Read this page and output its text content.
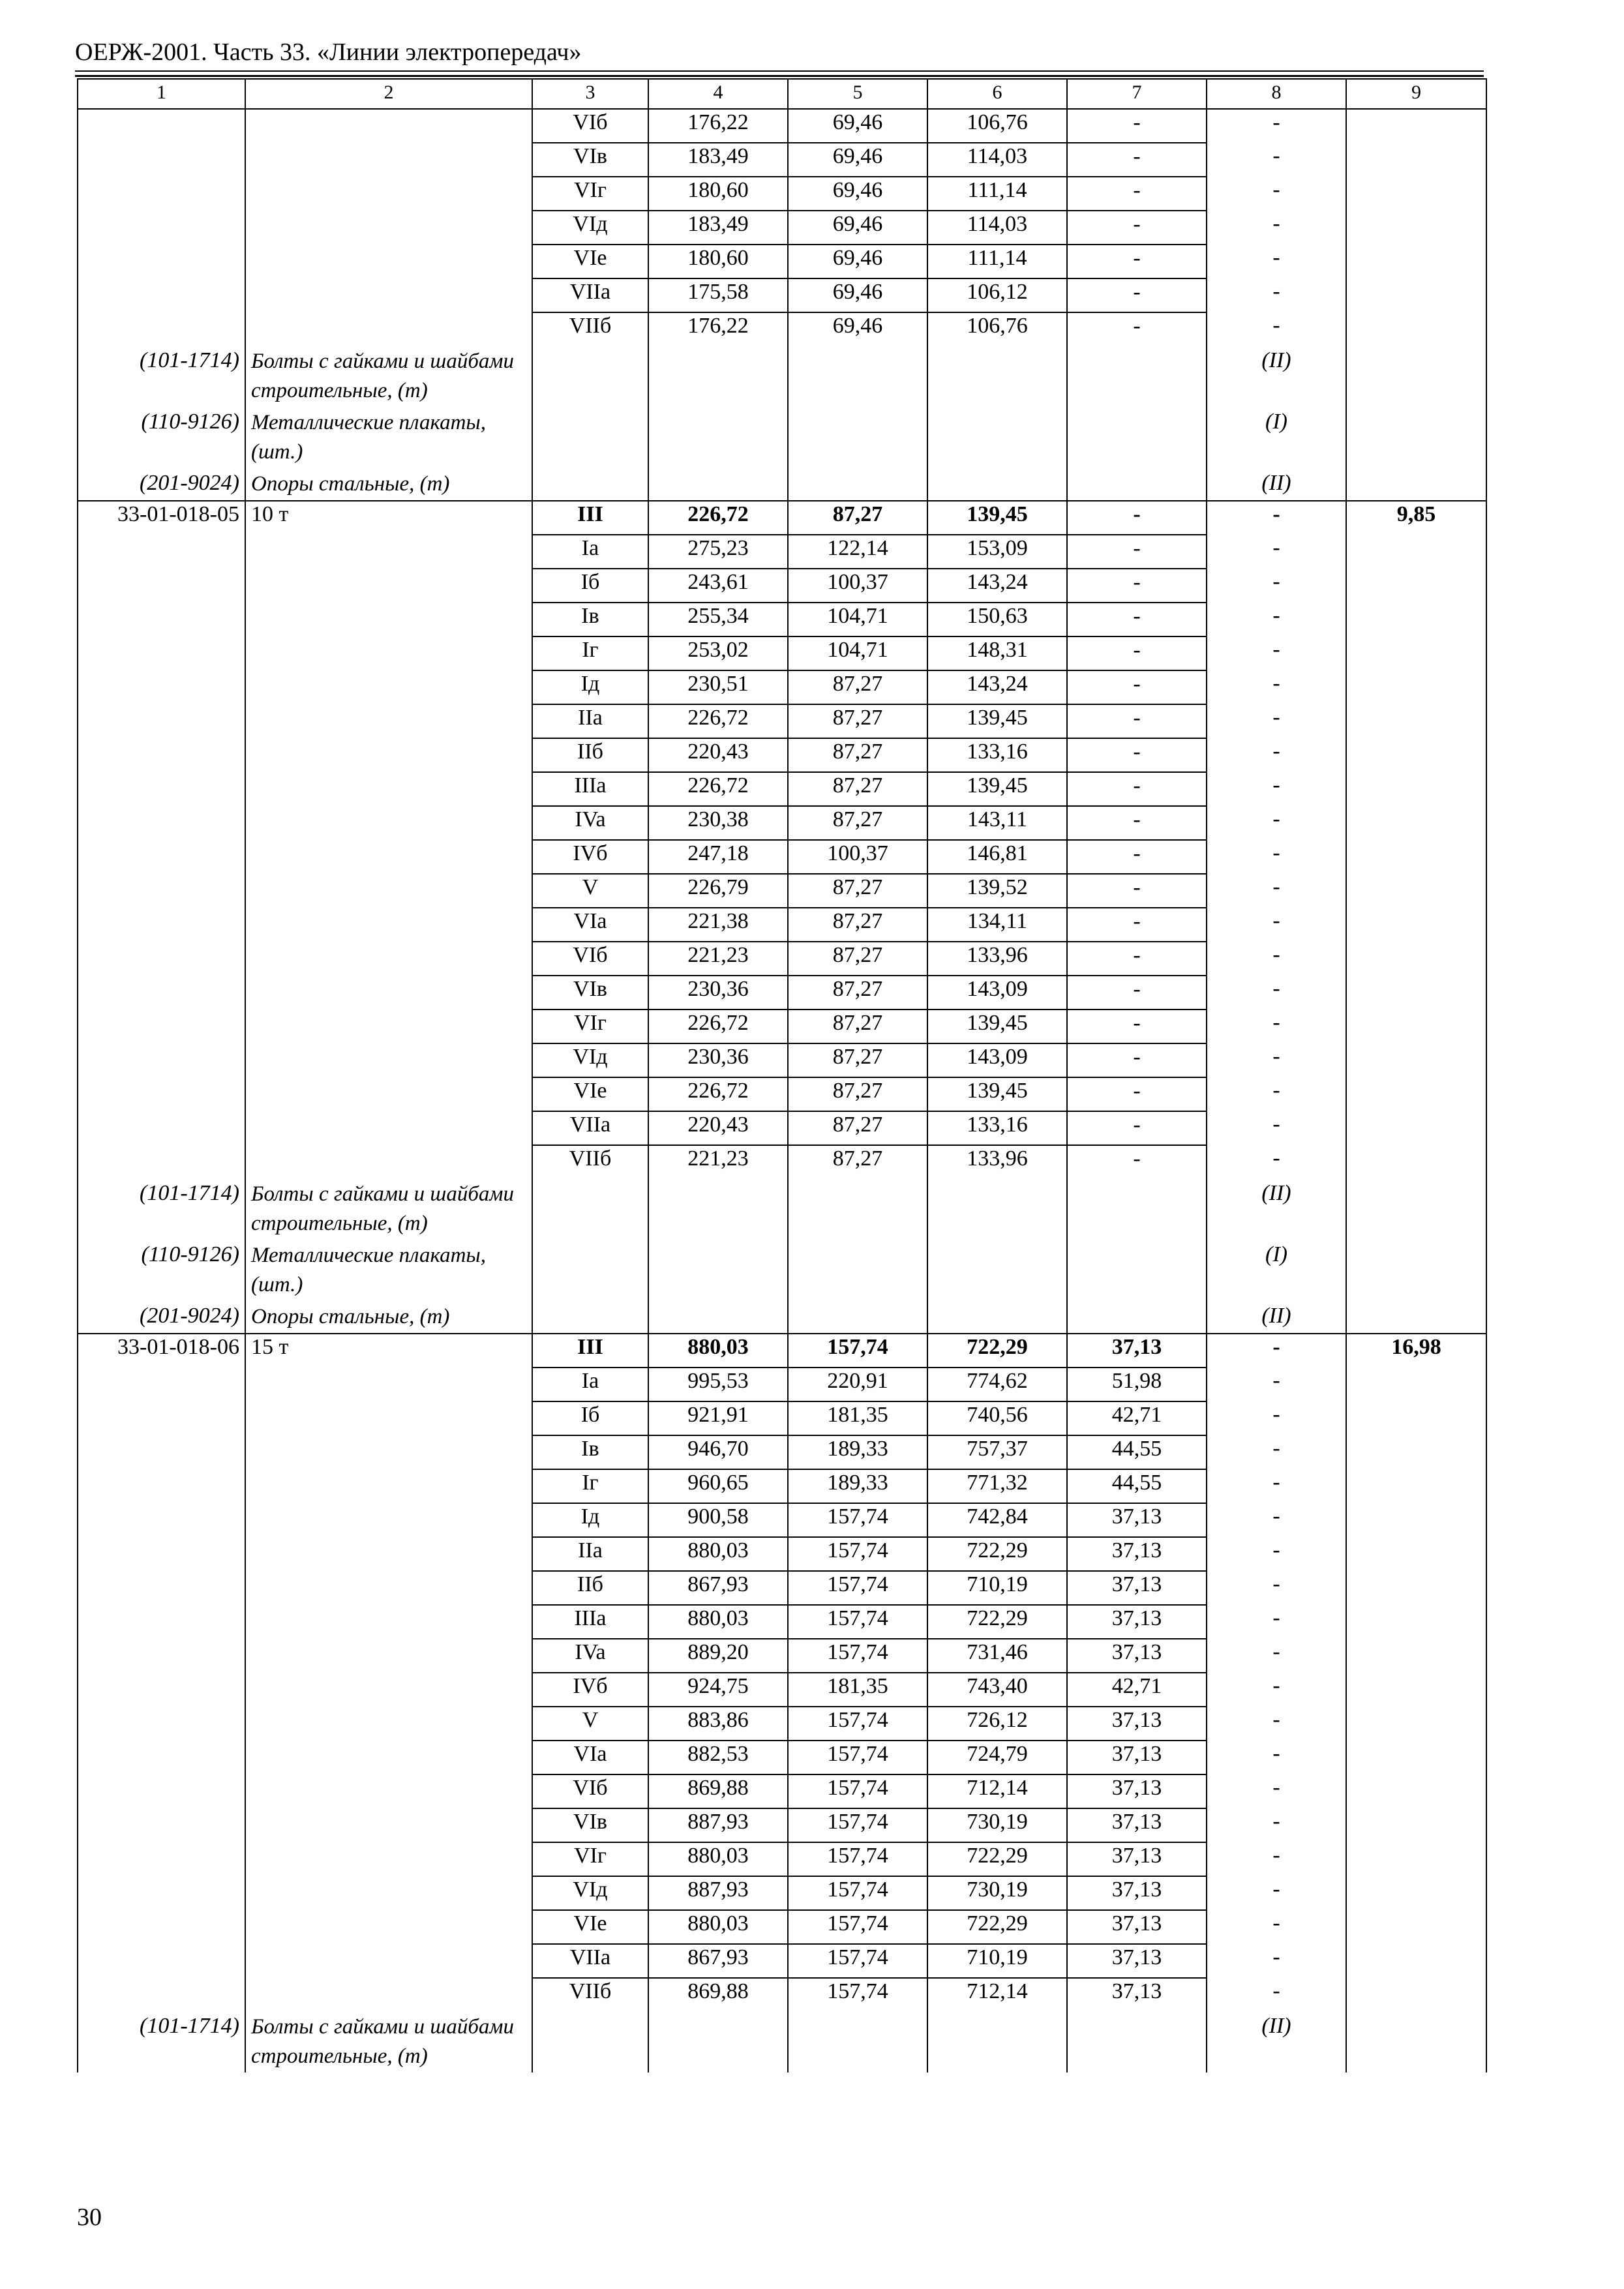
ОЕРЖ-2001. Часть 33. «Линии электропередач»
1	2	3	4	5	6	7	8	9
		VIб	176,22	69,46	106,76	-	-	
		VIв	183,49	69,46	114,03	-	-	
		VIг	180,60	69,46	111,14	-	-	
		VIд	183,49	69,46	114,03	-	-	
		VIe	180,60	69,46	111,14	-	-	
		VIIa	175,58	69,46	106,12	-	-	
		VIIб	176,22	69,46	106,76	-	-	
(101-1714)	Болты с гайками и шайбами строительные, (т)						(II)	
(110-9126)	Металлические плакаты, (шт.)						(I)	
(201-9024)	Опоры стальные, (т)						(II)	
33-01-018-05	10 т	III	226,72	87,27	139,45	-	-	9,85
		Ia	275,23	122,14	153,09	-	-	
		Iб	243,61	100,37	143,24	-	-	
		Iв	255,34	104,71	150,63	-	-	
		Iг	253,02	104,71	148,31	-	-	
		Iд	230,51	87,27	143,24	-	-	
		IIa	226,72	87,27	139,45	-	-	
		IIб	220,43	87,27	133,16	-	-	
		IIIa	226,72	87,27	139,45	-	-	
		IVa	230,38	87,27	143,11	-	-	
		IVб	247,18	100,37	146,81	-	-	
		V	226,79	87,27	139,52	-	-	
		VIa	221,38	87,27	134,11	-	-	
		VIб	221,23	87,27	133,96	-	-	
		VIв	230,36	87,27	143,09	-	-	
		VIг	226,72	87,27	139,45	-	-	
		VIд	230,36	87,27	143,09	-	-	
		VIe	226,72	87,27	139,45	-	-	
		VIIa	220,43	87,27	133,16	-	-	
		VIIб	221,23	87,27	133,96	-	-	
(101-1714)	Болты с гайками и шайбами строительные, (т)						(II)	
(110-9126)	Металлические плакаты, (шт.)						(I)	
(201-9024)	Опоры стальные, (т)						(II)	
33-01-018-06	15 т	III	880,03	157,74	722,29	37,13	-	16,98
		Ia	995,53	220,91	774,62	51,98	-	
		Iб	921,91	181,35	740,56	42,71	-	
		Iв	946,70	189,33	757,37	44,55	-	
		Iг	960,65	189,33	771,32	44,55	-	
		Iд	900,58	157,74	742,84	37,13	-	
		IIa	880,03	157,74	722,29	37,13	-	
		IIб	867,93	157,74	710,19	37,13	-	
		IIIa	880,03	157,74	722,29	37,13	-	
		IVa	889,20	157,74	731,46	37,13	-	
		IVб	924,75	181,35	743,40	42,71	-	
		V	883,86	157,74	726,12	37,13	-	
		VIa	882,53	157,74	724,79	37,13	-	
		VIб	869,88	157,74	712,14	37,13	-	
		VIв	887,93	157,74	730,19	37,13	-	
		VIг	880,03	157,74	722,29	37,13	-	
		VIд	887,93	157,74	730,19	37,13	-	
		VIe	880,03	157,74	722,29	37,13	-	
		VIIa	867,93	157,74	710,19	37,13	-	
		VIIб	869,88	157,74	712,14	37,13	-	
(101-1714)	Болты с гайками и шайбами строительные, (т)						(II)	
30
